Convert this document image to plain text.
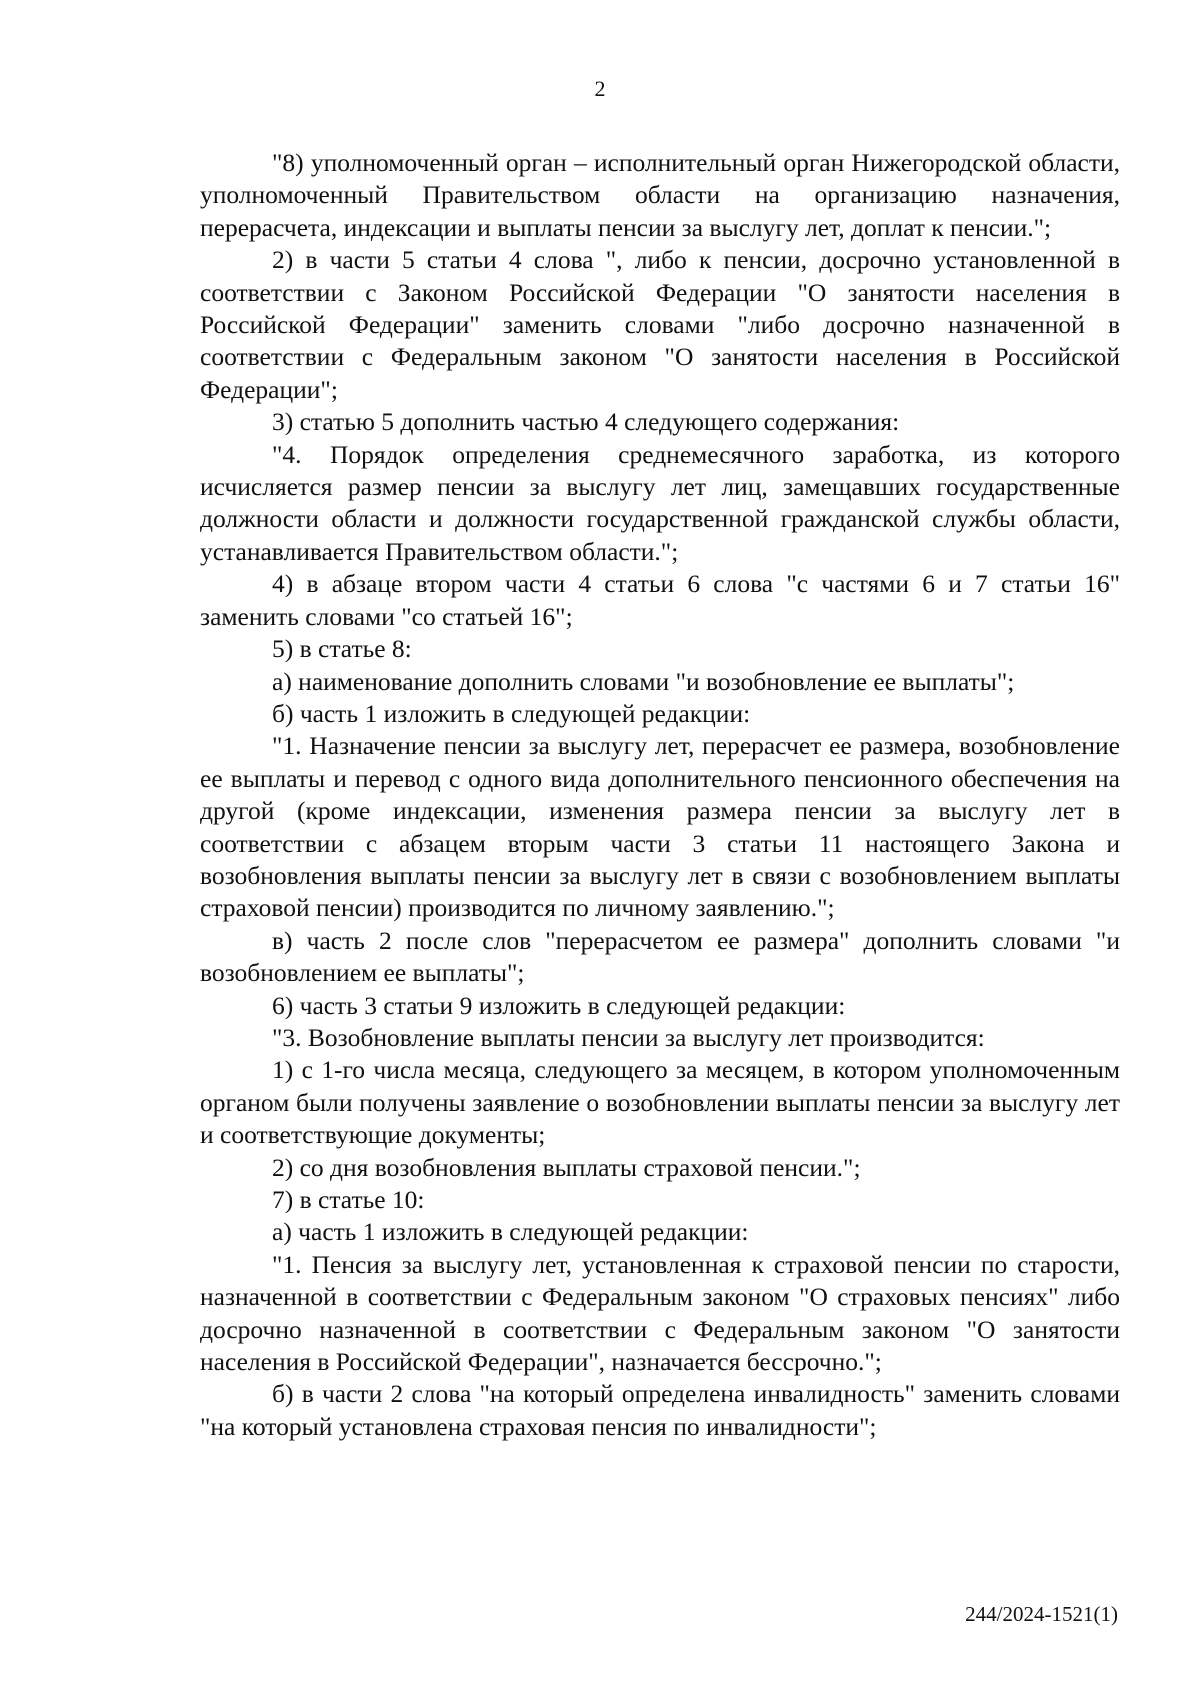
2

"8) уполномоченный орган – исполнительный орган Нижегородской области, уполномоченный Правительством области на организацию назначения, перерасчета, индексации и выплаты пенсии за выслугу лет, доплат к пенсии.";

2) в части 5 статьи 4 слова ", либо к пенсии, досрочно установленной в соответствии с Законом Российской Федерации "О занятости населения в Российской Федерации" заменить словами "либо досрочно назначенной в соответствии с Федеральным законом "О занятости населения в Российской Федерации";

3) статью 5 дополнить частью 4 следующего содержания:

"4. Порядок определения среднемесячного заработка, из которого исчисляется размер пенсии за выслугу лет лиц, замещавших государственные должности области и должности государственной гражданской службы области, устанавливается Правительством области.";

4) в абзаце втором части 4 статьи 6 слова "с частями 6 и 7 статьи 16" заменить словами "со статьей 16";

5) в статье 8:

а) наименование дополнить словами "и возобновление ее выплаты";

б) часть 1 изложить в следующей редакции:

"1. Назначение пенсии за выслугу лет, перерасчет ее размера, возобновление ее выплаты и перевод с одного вида дополнительного пенсионного обеспечения на другой (кроме индексации, изменения размера пенсии за выслугу лет в соответствии с абзацем вторым части 3 статьи 11 настоящего Закона и возобновления выплаты пенсии за выслугу лет в связи с возобновлением выплаты страховой пенсии) производится по личному заявлению.";

в) часть 2 после слов "перерасчетом ее размера" дополнить словами "и возобновлением ее выплаты";

6) часть 3 статьи 9 изложить в следующей редакции:

"3. Возобновление выплаты пенсии за выслугу лет производится:

1) с 1-го числа месяца, следующего за месяцем, в котором уполномоченным органом были получены заявление о возобновлении выплаты пенсии за выслугу лет и соответствующие документы;

2) со дня возобновления выплаты страховой пенсии.";

7) в статье 10:

а) часть 1 изложить в следующей редакции:

"1. Пенсия за выслугу лет, установленная к страховой пенсии по старости, назначенной в соответствии с Федеральным законом "О страховых пенсиях" либо досрочно назначенной в соответствии с Федеральным законом "О занятости населения в Российской Федерации", назначается бессрочно.";

б) в части 2 слова "на который определена инвалидность" заменить словами "на который установлена страховая пенсия по инвалидности";

244/2024-1521(1)
